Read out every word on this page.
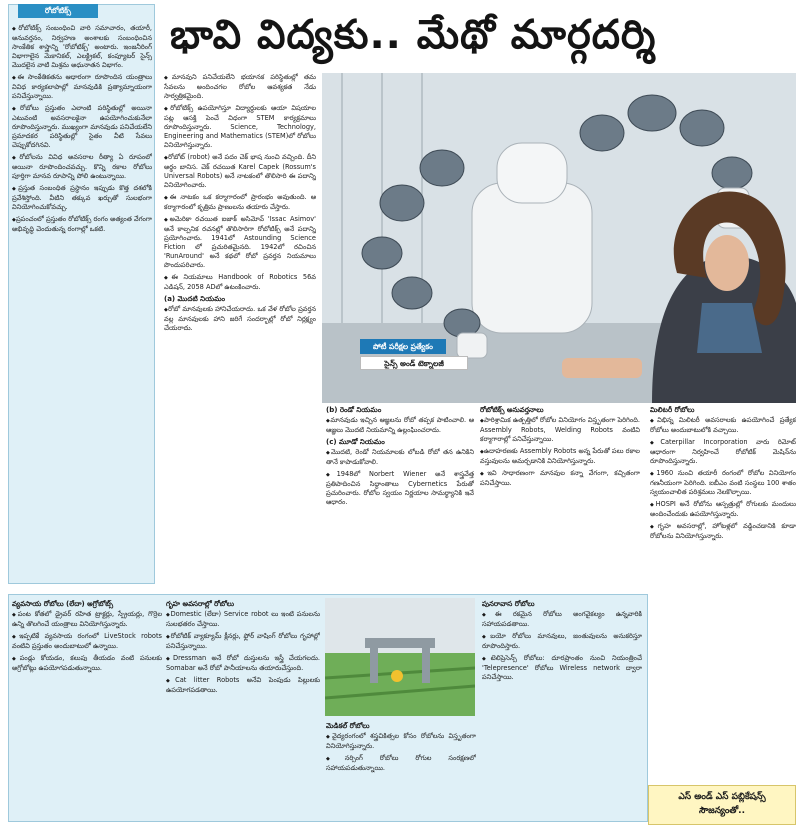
భావి విద్యకు.. మేథో మార్గదర్శి
రోబోటిక్స్

◆ రోబోటిక్స్ సంబంధించి వారి సమాచారం, తయారీ, అనువర్తనం, నిర్వహణ అంశాలకు సంబంధించిన సాంకేతిక శాస్త్రాన్ని 'రోబోటిక్స్' అంటారు. ఇంజనీరింగ్ విభాగాలైన మెకానికల్, ఎలక్ట్రికల్, కంప్యూటర్ సైన్స్ మొదలైన వాటి మిశ్రమ అధునాతన విభాగం.

◆ ఈ సాంకేతికతను ఆధారంగా రూపొందిన యంత్రాలు వివిధ కార్యకలాపాల్లో మానవుడికి ప్రత్యామ్నాయంగా పనిచేస్తున్నాయి.

◆ రోబోలు ప్రస్తుతం ఎలాంటి పరిస్థితుల్లో అయినా ఎటువంటి అవసరాలకైనా ఉపయోగించుకునేలా రూపొందిస్తున్నారు. ముఖ్యంగా మానవుడు పనిచేయలేని ప్రమాదకర పరిస్థితుల్లో సైతం వీటి సేవలు చెప్పుకోదగినవి.

◆ రోబోలను వివిధ అవసరాల రీత్యా ఏ రూపంలో అయినా రూపొందించవచ్చు. కొన్ని రకాల రోబోలు పూర్తిగా మానవ రూపాన్ని పోలి ఉంటున్నాయి.

◆ ప్రస్తుత సంబంధిత ప్రస్థానం ఇప్పుడు కొత్త దశలోకి ప్రవేశిస్తోంది. వీటిని తక్కువ ఖర్చుతో సులభంగా వినియోగించుకోవచ్చు.

◆ ప్రపంచంలో ప్రస్తుతం రోబోటిక్స్ రంగం అత్యంత వేగంగా అభివృద్ధి చెందుతున్న రంగాల్లో ఒకటి.

◆ మానవుని పనిచేయలేని భయానక పరిస్థితుల్లో తమ సేవలను అందించగల రోబోల ఆవశ్యకత నేడు సార్వత్రికమైంది.

◆ రోబోటిక్స్ ఉపయోగిస్తూ విద్యార్థులకు ఆయా విషయాల పట్ల ఆసక్తి పెంచే విధంగా STEM కార్యక్రమాలు రూపొందిస్తున్నారు. Science, Technology, Engineering and Mathematics (STEM)లో రోబోలు వినియోగిస్తున్నారు.

◆ రోబోట్ (robot) అనే పదం చెక్ భాష నుంచి వచ్చింది. దీని అర్థం బానిస. చెక్ రచయిత Karel Capek (Rossum's Universal Robots) అనే నాటకంలో తొలిసారి ఈ పదాన్ని వినియోగించారు.

◆ ఈ నాటకం ఒక కర్మాగారంలో ప్రారంభం అవుతుంది. ఆ కర్మాగారంలో కృత్రిమ ప్రాణులను తయారు చేస్తారు.

◆ అమెరికా రచయిత ఐజాక్ అసిమోవ్ 'Issac Asimov' అనే కాల్పనిక రచనల్లో తొలిసారిగా రోబోటిక్స్ అనే పదాన్ని ప్రయోగించారు. 1941లో Astounding Science Fiction లో ప్రచురితమైనది. 1942లో రచించిన 'RunAround' అనే కథలో రోబో ప్రవర్తన నియమాలు పొందుపరిచారు.

◆ ఈ నియమాలు Handbook of Robotics 56వ ఎడిషన్, 2058 ADలో ఉటంకించారు.

(a) మొదటి నియమం

◆ రోబో మానవులకు హానిచేయరాదు. ఒక వేళ రోబోల ప్రవర్తన వల్ల మానవులకు హాని జరిగే సందర్భాల్లో రోబో నిర్లక్ష్యం చేయరాదు.

పోటీ పరీక్షల ప్రత్యేకం
సైన్స్ అండ్ టెక్నాలజీ
(b) రెండో నియమం

◆ మానవుడు ఇచ్చిన ఆజ్ఞలను రోబో తప్పక పాటించాలి. ఆ ఆజ్ఞలు మొదటి నియమాన్ని ఉల్లంఘించరాదు.

(c) మూడో నియమం

◆ మొదటి, రెండో నియమాలకు లోబడి రోబో తన ఉనికిని తానే కాపాడుకోవాలి.

◆ 1948లో Norbert Wiener అనే శాస్త్రవేత్త ప్రతిపాదించిన సిద్ధాంతాలు Cybernetics పేరుతో ప్రచురించారు. రోబోల స్వయం నిర్ణయాల సామర్థ్యానికి ఇవే ఆధారం.

రోబోటిక్స్ అనువర్తనాలు

◆ పారిశ్రామిక ఉత్పత్తిలో రోబోల వినియోగం విస్తృతంగా పెరిగింది. Assembly Robots, Welding Robots వంటివి కర్మాగారాల్లో పనిచేస్తున్నాయి.

◆ ఉదాహరణకు Assembly Robots అన్న పేరుతో పలు రకాల వస్తువులను అమర్చడానికి వినియోగిస్తున్నారు.

◆ ఇవి సాధారణంగా మానవుల కన్నా వేగంగా, కచ్చితంగా పనిచేస్తాయి.

మిలిటరీ రోబోలు

◆ విభిన్న మిలిటరీ అవసరాలకు ఉపయోగించే ప్రత్యేక రోబోలు అందుబాటులోకి వచ్చాయి.

◆ Caterpillar Incorporation వారు రిమోట్ ఆధారంగా నిర్వహించే రోబోటిక్ మెషిన్‌ను రూపొందిస్తున్నారు.

◆ 1960 నుంచి తయారీ రంగంలో రోబోల వినియోగం గణనీయంగా పెరిగింది. ఐబీఎం వంటి సంస్థలు 100 శాతం స్వయంచాలిత పరిశ్రమలు నెలకొల్పాయి.

◆ HOSPI అనే రోబోను ఆస్పత్రుల్లో రోగులకు మందులు అందించేందుకు ఉపయోగిస్తున్నారు.

◆ గృహ అవసరాల్లో, హోటళ్లలో వడ్డించడానికి కూడా రోబోలను వినియోగిస్తున్నారు.

వ్యవసాయ రోబోలు (లేదా) అగ్రోబోట్స్

◆ పంట కోతలో డ్రైవర్ రహిత ట్రాక్టర్లు, స్ప్రేయర్లు, గొర్రెల ఉన్ని తొలగించే యంత్రాలు వినియోగిస్తున్నారు.

◆ ఇప్పటికే వ్యవసాయ రంగంలో LiveStock robots వంటివి ప్రస్తుతం అందుబాటులో ఉన్నాయి.

◆ పండ్లు కోయడం, కలుపు తీయడం వంటి పనులకు అగ్రోబోట్లు ఉపయోగపడుతున్నాయి.

గృహ అవసరాల్లో రోబోలు

◆ Domestic (లేదా) Service robot లు ఇంటి పనులను సులభతరం చేస్తాయి.

◆ రోబోటిక్ వ్యాక్యూమ్ క్లీనర్లు, ఫ్లోర్ వాషింగ్ రోబోలు గృహాల్లో పనిచేస్తున్నాయి.

◆ Dressman అనే రోబో దుస్తులను ఇస్త్రీ చేయగలదు. Somabar అనే రోబో పానీయాలను తయారుచేస్తుంది.

◆ Cat litter Robots అనేవి పెంపుడు పిల్లులకు ఉపయోగపడతాయి.

మెడికల్ రోబోలు

◆ వైద్యరంగంలో శస్త్రచికిత్సల కోసం రోబోలను విస్తృతంగా వినియోగిస్తున్నారు.

◆ నర్సింగ్ రోబోలు రోగుల సంరక్షణలో సహాయపడుతున్నాయి.

పునరావాస రోబోలు

◆ ఈ రకమైన రోబోలు అంగవైకల్యం ఉన్నవారికి సహాయపడతాయి.

◆ బయో రోబోలు మానవులు, జంతువులను అనుకరిస్తూ రూపొందిస్తారు.

◆ టెలిప్రెసెన్స్ రోబోలు: దూరప్రాంతం నుంచి నియంత్రించే 'Telepresence' రోబోలు Wireless network ద్వారా పనిచేస్తాయి.

ఎస్ అండ్ ఎస్ పబ్లికేషన్స్
సౌజన్యంతో..
